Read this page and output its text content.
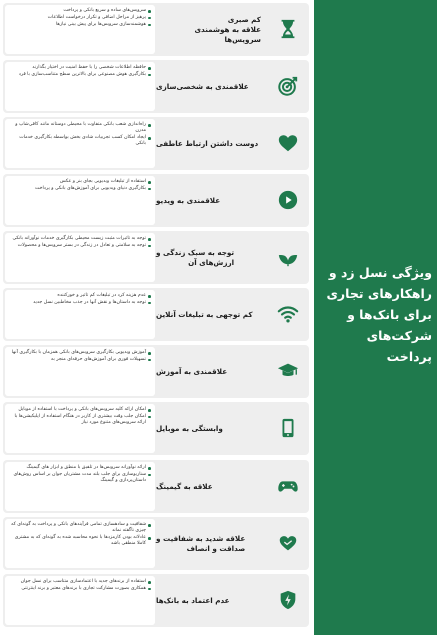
سرویس‌های ساده و سریع بانکی و پرداخت
پرهیز از مراحل اضافی و تکرار درخواست اطلاعات
هوشمندسازی سرویس‌ها برای پیش بینی نیازها
کم صبری
علاقه به هوشمندی سرویس‌ها
حافظه اطلاعات شخصی را با حفظ امنیت در اختیار بگذارند
بکارگیری هوش مصنوعی برای بالاترین سطح متناسب‌سازی با فرد
علاقمندی به شخصی‌سازی
راه‌اندازی شعب بانکی متفاوت با محیطی دوستانه مانند کافی‌شاپ و مدرن
ایجاد امکان کسب تجربیات شادی بخش بواسطه بکارگیری خدمات بانکی	دوست داشتن ارتباط عاطفی
استفاده از تبلیغات ویدیویی بجای بنر و عکس
بکارگیری دنیای ویدیویی برای آموزش‌های بانکی و پرداخت
علاقمندی به ویدیو
توجه به تاثیرات مثبت زیست محیطی بکارگیری خدمات نوآورانه بانکی
توجه به سلامتی و تعادل در زندگی در بستر سرویس‌ها و محصولات
توجه به سبک زندگی و
ارزش‌های آن
عدم هزینه کرد در تبلیغات کم تاثیر و خورکننده
توجه به داستان‌ها و نقش آنها در جذب مخاطبین نسل جدید
کم توجهی به تبلیغات آنلاین
آموزش ویدیویی بکارگیری سرویس‌های بانکی همزمان با بکارگیری آنها
تسهیلات فوری برای آموزش‌های حرفه‌ای منجر به
علاقمندی به آموزش
امکان ارائه کلیه سرویس‌های بانکی و پرداخت با استفاده از موبایل
امکان جلب وقت بیشتری از کاربر در هنگام استفاده از اپلیکیشن‌ها با ارائه سرویس‌های متنوع مورد نیاز
وابستگی به موبایل
ارائه نوآورانه سرویس‌ها در تلفیق با منطق و ابزار های گیمینگ
سناریوسازی برای جلب بلند مدت مشتریان جوان بر اساس روش‌های داستان‌پردازی و گیمینگ
علاقه به گیمینگ
شفافیت و سادهسازی تمامی فرآیندهای بانکی و پرداخت به گونه‌ای که چیزی ناگفته نماند
عادلانه بودن کارمزدها با نحوه محاسبه شده به گونه‌ای که به مشتری کاملا منطقی باشد
علاقه شدید به شفافیت و
صداقت و انصاف
استفاده از برندهای جدید با اعتمادسازی متناسب برای نسل جوان
همکاری بصورت مشارکت تجاری با برندهای معتبر و برند اینترنتی
عدم اعتماد به بانک‌ها
ویژگی نسل زد و
راهکارهای تجاری
برای بانک‌ها و
شرکت‌های پرداخت
